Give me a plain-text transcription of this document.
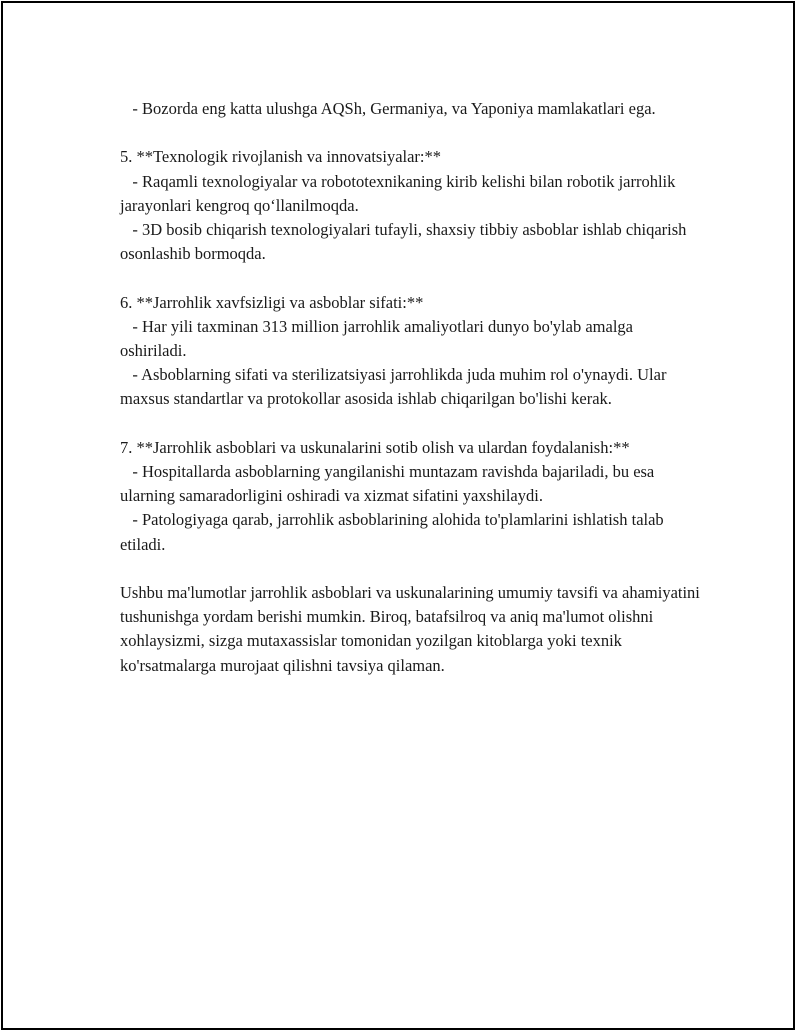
- Bozorda eng katta ulushga AQSh, Germaniya, va Yaponiya mamlakatlari ega.

5. **Texnologik rivojlanish va innovatsiyalar:**

- Raqamli texnologiyalar va robototexnikaning kirib kelishi bilan robotik jarrohlik jarayonlari kengroq qo‘llanilmoqda.

- 3D bosib chiqarish texnologiyalari tufayli, shaxsiy tibbiy asboblar ishlab chiqarish osonlashib bormoqda.

6. **Jarrohlik xavfsizligi va asboblar sifati:**

- Har yili taxminan 313 million jarrohlik amaliyotlari dunyo bo'ylab amalga oshiriladi.

- Asboblarning sifati va sterilizatsiyasi jarrohlikda juda muhim rol o'ynaydi. Ular maxsus standartlar va protokollar asosida ishlab chiqarilgan bo'lishi kerak.

7. **Jarrohlik asboblari va uskunalarini sotib olish va ulardan foydalanish:**

- Hospitallarda asboblarning yangilanishi muntazam ravishda bajariladi, bu esa ularning samaradorligini oshiradi va xizmat sifatini yaxshilaydi.

- Patologiyaga qarab, jarrohlik asboblarining alohida to'plamlarini ishlatish talab etiladi.

Ushbu ma'lumotlar jarrohlik asboblari va uskunalarining umumiy tavsifi va ahamiyatini tushunishga yordam berishi mumkin. Biroq, batafsilroq va aniq ma'lumot olishni xohlaysizmi, sizga mutaxassislar tomonidan yozilgan kitoblarga yoki texnik ko'rsatmalarga murojaat qilishni tavsiya qilaman.
